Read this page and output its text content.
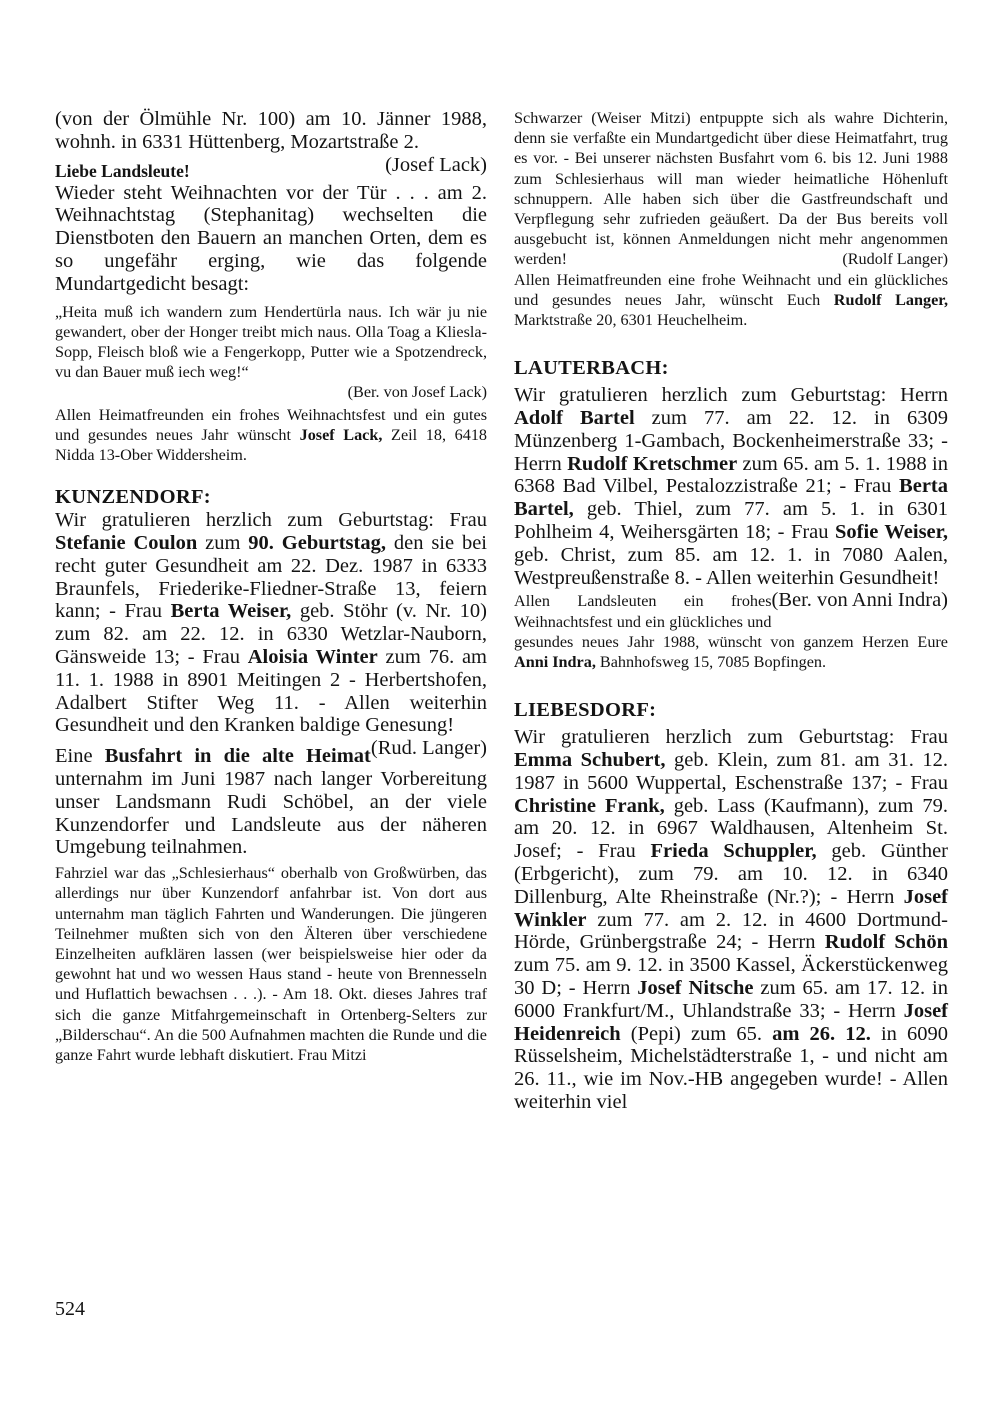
(von der Ölmühle Nr. 100) am 10. Jänner 1988, wohnh. in 6331 Hüttenberg, Mozartstraße 2.
(Josef Lack)

Liebe Landsleute!

Wieder steht Weihnachten vor der Tür . . . am 2. Weihnachtstag (Stephanitag) wechselten die Dienstboten den Bauern an manchen Orten, dem es so ungefähr erging, wie das folgende Mundartgedicht besagt:

„Heita muß ich wandern zum Hendertürla naus. Ich wär ju nie gewandert, ober der Honger treibt mich naus. Olla Toag a Kliesla-Sopp, Fleisch bloß wie a Fengerkopp, Putter wie a Spotzendreck, vu dan Bauer muß iech weg!“

(Ber. von Josef Lack)

Allen Heimatfreunden ein frohes Weihnachtsfest und ein gutes und gesundes neues Jahr wünscht Josef Lack, Zeil 18, 6418 Nidda 13-Ober Widdersheim.

KUNZENDORF:

Wir gratulieren herzlich zum Geburtstag: Frau Stefanie Coulon zum 90. Geburtstag, den sie bei recht guter Gesundheit am 22. Dez. 1987 in 6333 Braunfels, Friederike-Fliedner-Straße 13, feiern kann; - Frau Berta Weiser, geb. Stöhr (v. Nr. 10) zum 82. am 22. 12. in 6330 Wetzlar-Nauborn, Gänsweide 13; - Frau Aloisia Winter zum 76. am 11. 1. 1988 in 8901 Meitingen 2 - Herbertshofen, Adalbert Stifter Weg 11. - Allen weiterhin Gesundheit und den Kranken baldige Genesung!
(Rud. Langer)

Eine Busfahrt in die alte Heimat unternahm im Juni 1987 nach langer Vorbereitung unser Landsmann Rudi Schöbel, an der viele Kunzendorfer und Landsleute aus der näheren Umgebung teilnahmen.

Fahrziel war das „Schlesierhaus“ oberhalb von Großwürben, das allerdings nur über Kunzendorf anfahrbar ist. Von dort aus unternahm man täglich Fahrten und Wanderungen. Die jüngeren Teilnehmer mußten sich von den Älteren über verschiedene Einzelheiten aufklären lassen (wer beispielsweise hier oder da gewohnt hat und wo wessen Haus stand - heute von Brennesseln und Huflattich bewachsen . . .). - Am 18. Okt. dieses Jahres traf sich die ganze Mitfahrgemeinschaft in Ortenberg-Selters zur „Bilderschau“. An die 500 Aufnahmen machten die Runde und die ganze Fahrt wurde lebhaft diskutiert. Frau Mitzi

Schwarzer (Weiser Mitzi) entpuppte sich als wahre Dichterin, denn sie verfaßte ein Mundartgedicht über diese Heimatfahrt, trug es vor. - Bei unserer nächsten Busfahrt vom 6. bis 12. Juni 1988 zum Schlesierhaus will man wieder heimatliche Höhenluft schnuppern. Alle haben sich über die Gastfreundschaft und Verpflegung sehr zufrieden geäußert. Da der Bus bereits voll ausgebucht ist, können Anmeldungen nicht mehr angenommen werden!	(Rudolf Langer)

Allen Heimatfreunden eine frohe Weihnacht und ein glückliches und gesundes neues Jahr, wünscht Euch Rudolf Langer, Marktstraße 20, 6301 Heuchelheim.

LAUTERBACH:

Wir gratulieren herzlich zum Geburtstag: Herrn Adolf Bartel zum 77. am 22. 12. in 6309 Münzenberg 1-Gambach, Bockenheimerstraße 33; - Herrn Rudolf Kretschmer zum 65. am 5. 1. 1988 in 6368 Bad Vilbel, Pestalozzistraße 21; - Frau Berta Bartel, geb. Thiel, zum 77. am 5. 1. in 6301 Pohlheim 4, Weihersgärten 18; - Frau Sofie Weiser, geb. Christ, zum 85. am 12. 1. in 7080 Aalen, Westpreußenstraße 8. - Allen weiterhin Gesundheit!
(Ber. von Anni Indra)

Allen Landsleuten ein frohes Weihnachtsfest und ein glückliches und gesundes neues Jahr 1988, wünscht von ganzem Herzen Eure Anni Indra, Bahnhofsweg 15, 7085 Bopfingen.

LIEBESDORF:

Wir gratulieren herzlich zum Geburtstag: Frau Emma Schubert, geb. Klein, zum 81. am 31. 12. 1987 in 5600 Wuppertal, Eschenstraße 137; - Frau Christine Frank, geb. Lass (Kaufmann), zum 79. am 20. 12. in 6967 Waldhausen, Altenheim St. Josef; - Frau Frieda Schuppler, geb. Günther (Erbgericht), zum 79. am 10. 12. in 6340 Dillenburg, Alte Rheinstraße (Nr.?); - Herrn Josef Winkler zum 77. am 2. 12. in 4600 Dortmund-Hörde, Grünbergstraße 24; - Herrn Rudolf Schön zum 75. am 9. 12. in 3500 Kassel, Äckerstückenweg 30 D; - Herrn Josef Nitsche zum 65. am 17. 12. in 6000 Frankfurt/M., Uhlandstraße 33; - Herrn Josef Heidenreich (Pepi) zum 65. am 26. 12. in 6090 Rüsselsheim, Michelstädterstraße 1, - und nicht am 26. 11., wie im Nov.-HB angegeben wurde! - Allen weiterhin viel

524
